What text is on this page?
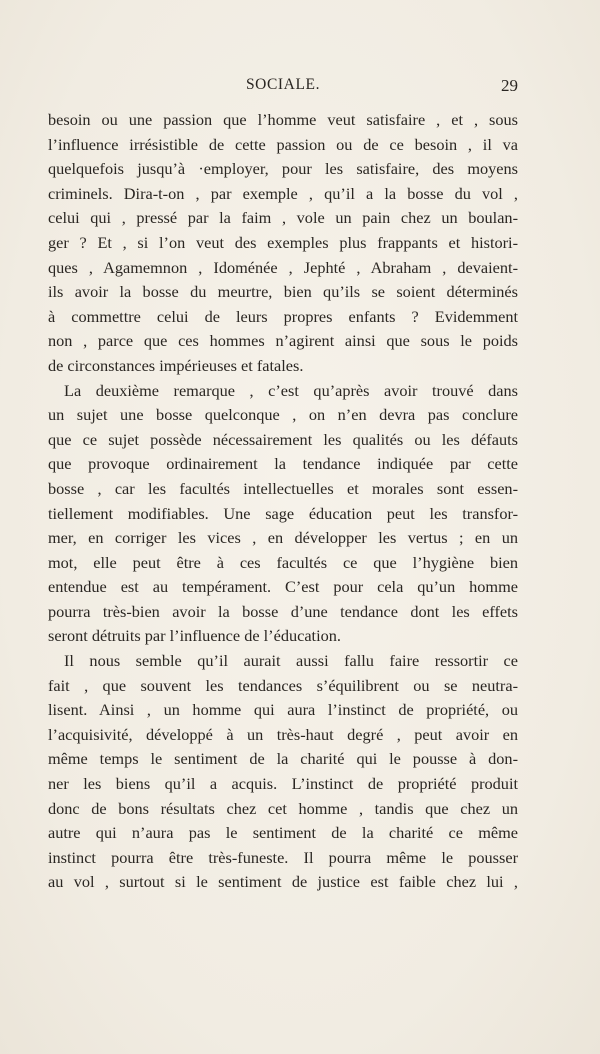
SOCIALE.	29
besoin ou une passion que l’homme veut satisfaire , et , sous
l’influence irrésistible de cette passion ou de ce besoin , il va
quelquefois jusqu’à ·employer, pour les satisfaire, des moyens
criminels. Dira-t-on , par exemple , qu’il a la bosse du vol ,
celui qui , pressé par la faim , vole un pain chez un boulan-
ger ? Et , si l’on veut des exemples plus frappants et histori-
ques , Agamemnon , Idoménée , Jephté , Abraham , devaient-
ils avoir la bosse du meurtre, bien qu’ils se soient déterminés
à commettre celui de leurs propres enfants ? Evidemment
non , parce que ces hommes n’agirent ainsi que sous le poids
de circonstances impérieuses et fatales.
La deuxième remarque , c’est qu’après avoir trouvé dans
un sujet une bosse quelconque , on n’en devra pas conclure
que ce sujet possède nécessairement les qualités ou les défauts
que provoque ordinairement la tendance indiquée par cette
bosse , car les facultés intellectuelles et morales sont essen-
tiellement modifiables. Une sage éducation peut les transfor-
mer, en corriger les vices , en développer les vertus ; en un
mot, elle peut être à ces facultés ce que l’hygiène bien
entendue est au tempérament. C’est pour cela qu’un homme
pourra très-bien avoir la bosse d’une tendance dont les effets
seront détruits par l’influence de l’éducation.
Il nous semble qu’il aurait aussi fallu faire ressortir ce
fait , que souvent les tendances s’équilibrent ou se neutra-
lisent. Ainsi , un homme qui aura l’instinct de propriété, ou
l’acquisivité, développé à un très-haut degré , peut avoir en
même temps le sentiment de la charité qui le pousse à don-
ner les biens qu’il a acquis. L’instinct de propriété produit
donc de bons résultats chez cet homme , tandis que chez un
autre qui n’aura pas le sentiment de la charité ce même
instinct pourra être très-funeste. Il pourra même le pousser
au vol , surtout si le sentiment de justice est faible chez lui ,
